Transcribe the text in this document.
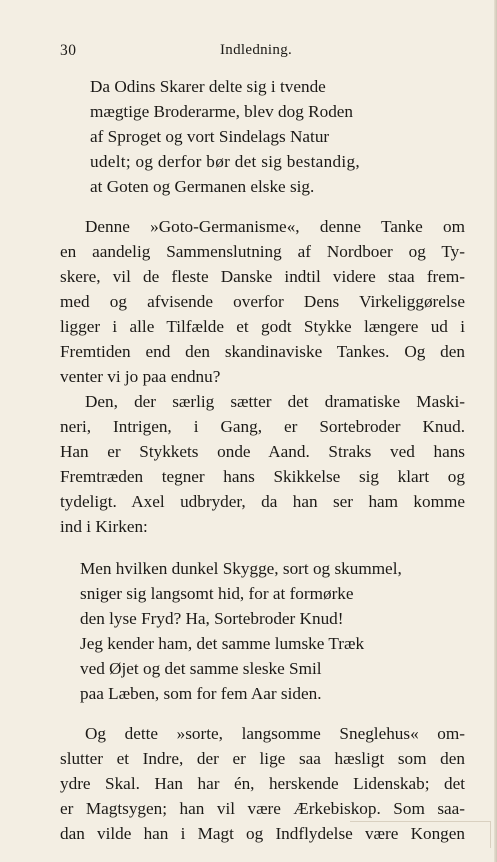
30	Indledning.
Da Odins Skarer delte sig i tvende
mægtige Broderarme, blev dog Roden
af Sproget og vort Sindelags Natur
udelt; og derfor bør det sig bestandig,
at Goten og Germanen elske sig.
Denne »Goto-Germanisme«, denne Tanke om
en aandelig Sammenslutning af Nordboer og Ty-
skere, vil de fleste Danske indtil videre staa frem-
med og afvisende overfor Dens Virkeliggørelse
ligger i alle Tilfælde et godt Stykke længere ud i
Fremtiden end den skandinaviske Tankes. Og den
venter vi jo paa endnu?
Den, der særlig sætter det dramatiske Maski-
neri, Intrigen, i Gang, er Sortebroder Knud.
Han er Stykkets onde Aand. Straks ved hans
Fremtræden tegner hans Skikkelse sig klart og
tydeligt. Axel udbryder, da han ser ham komme
ind i Kirken:
Men hvilken dunkel Skygge, sort og skummel,
sniger sig langsomt hid, for at formørke
den lyse Fryd? Ha, Sortebroder Knud!
Jeg kender ham, det samme lumske Træk
ved Øjet og det samme sleske Smil
paa Læben, som for fem Aar siden.
Og dette »sorte, langsomme Sneglehus« om-
slutter et Indre, der er lige saa hæsligt som den
ydre Skal. Han har én, herskende Lidenskab; det
er Magtsygen; han vil være Ærkebiskop. Som saa-
dan vilde han i Magt og Indflydelse være Kongen
